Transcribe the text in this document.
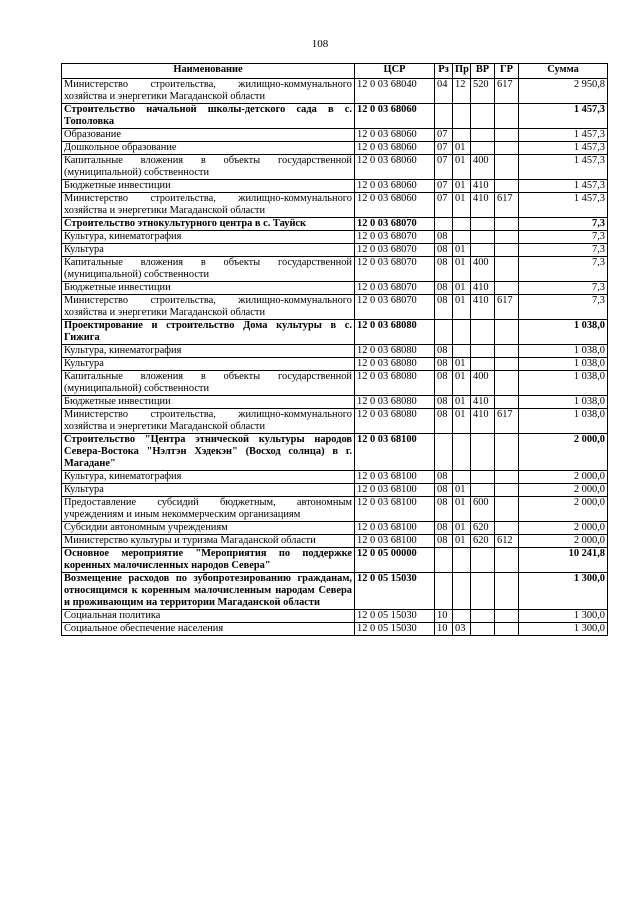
108
Наименование	ЦСР	Рз	Пр	ВР	ГР	Сумма
Министерство строительства, жилищно-коммунального хозяйства и энергетики Магаданской области	12 0 03 68040	04	12	520	617	2 950,8
Строительство начальной школы-детского сада в с. Тополовка	12 0 03 68060					1 457,3
Образование	12 0 03 68060	07				1 457,3
Дошкольное образование	12 0 03 68060	07	01			1 457,3
Капитальные вложения в объекты государственной (муниципальной) собственности	12 0 03 68060	07	01	400		1 457,3
Бюджетные инвестиции	12 0 03 68060	07	01	410		1 457,3
Министерство строительства, жилищно-коммунального хозяйства и энергетики Магаданской области	12 0 03 68060	07	01	410	617	1 457,3
Строительство этнокультурного центра в с. Тауйск	12 0 03 68070					7,3
Культура, кинематография	12 0 03 68070	08				7,3
Культура	12 0 03 68070	08	01			7,3
Капитальные вложения в объекты государственной (муниципальной) собственности	12 0 03 68070	08	01	400		7,3
Бюджетные инвестиции	12 0 03 68070	08	01	410		7,3
Министерство строительства, жилищно-коммунального хозяйства и энергетики Магаданской области	12 0 03 68070	08	01	410	617	7,3
Проектирование и строительство Дома культуры в с. Гижига	12 0 03 68080					1 038,0
Культура, кинематография	12 0 03 68080	08				1 038,0
Культура	12 0 03 68080	08	01			1 038,0
Капитальные вложения в объекты государственной (муниципальной) собственности	12 0 03 68080	08	01	400		1 038,0
Бюджетные инвестиции	12 0 03 68080	08	01	410		1 038,0
Министерство строительства, жилищно-коммунального хозяйства и энергетики Магаданской области	12 0 03 68080	08	01	410	617	1 038,0
Строительство "Центра этнической культуры народов Севера-Востока "Нэлтэн Хэдекэн" (Восход солнца) в г. Магадане"	12 0 03 68100					2 000,0
Культура, кинематография	12 0 03 68100	08				2 000,0
Культура	12 0 03 68100	08	01			2 000,0
Предоставление субсидий бюджетным, автономным учреждениям и иным некоммерческим организациям	12 0 03 68100	08	01	600		2 000,0
Субсидии автономным учреждениям	12 0 03 68100	08	01	620		2 000,0
Министерство культуры и туризма Магаданской области	12 0 03 68100	08	01	620	612	2 000,0
Основное мероприятие "Мероприятия по поддержке коренных малочисленных народов Севера"	12 0 05 00000					10 241,8
Возмещение расходов по зубопротезированию гражданам, относящимся к коренным малочисленным народам Севера и проживающим на территории Магаданской области	12 0 05 15030					1 300,0
Социальная политика	12 0 05 15030	10				1 300,0
Социальное обеспечение населения	12 0 05 15030	10	03			1 300,0
